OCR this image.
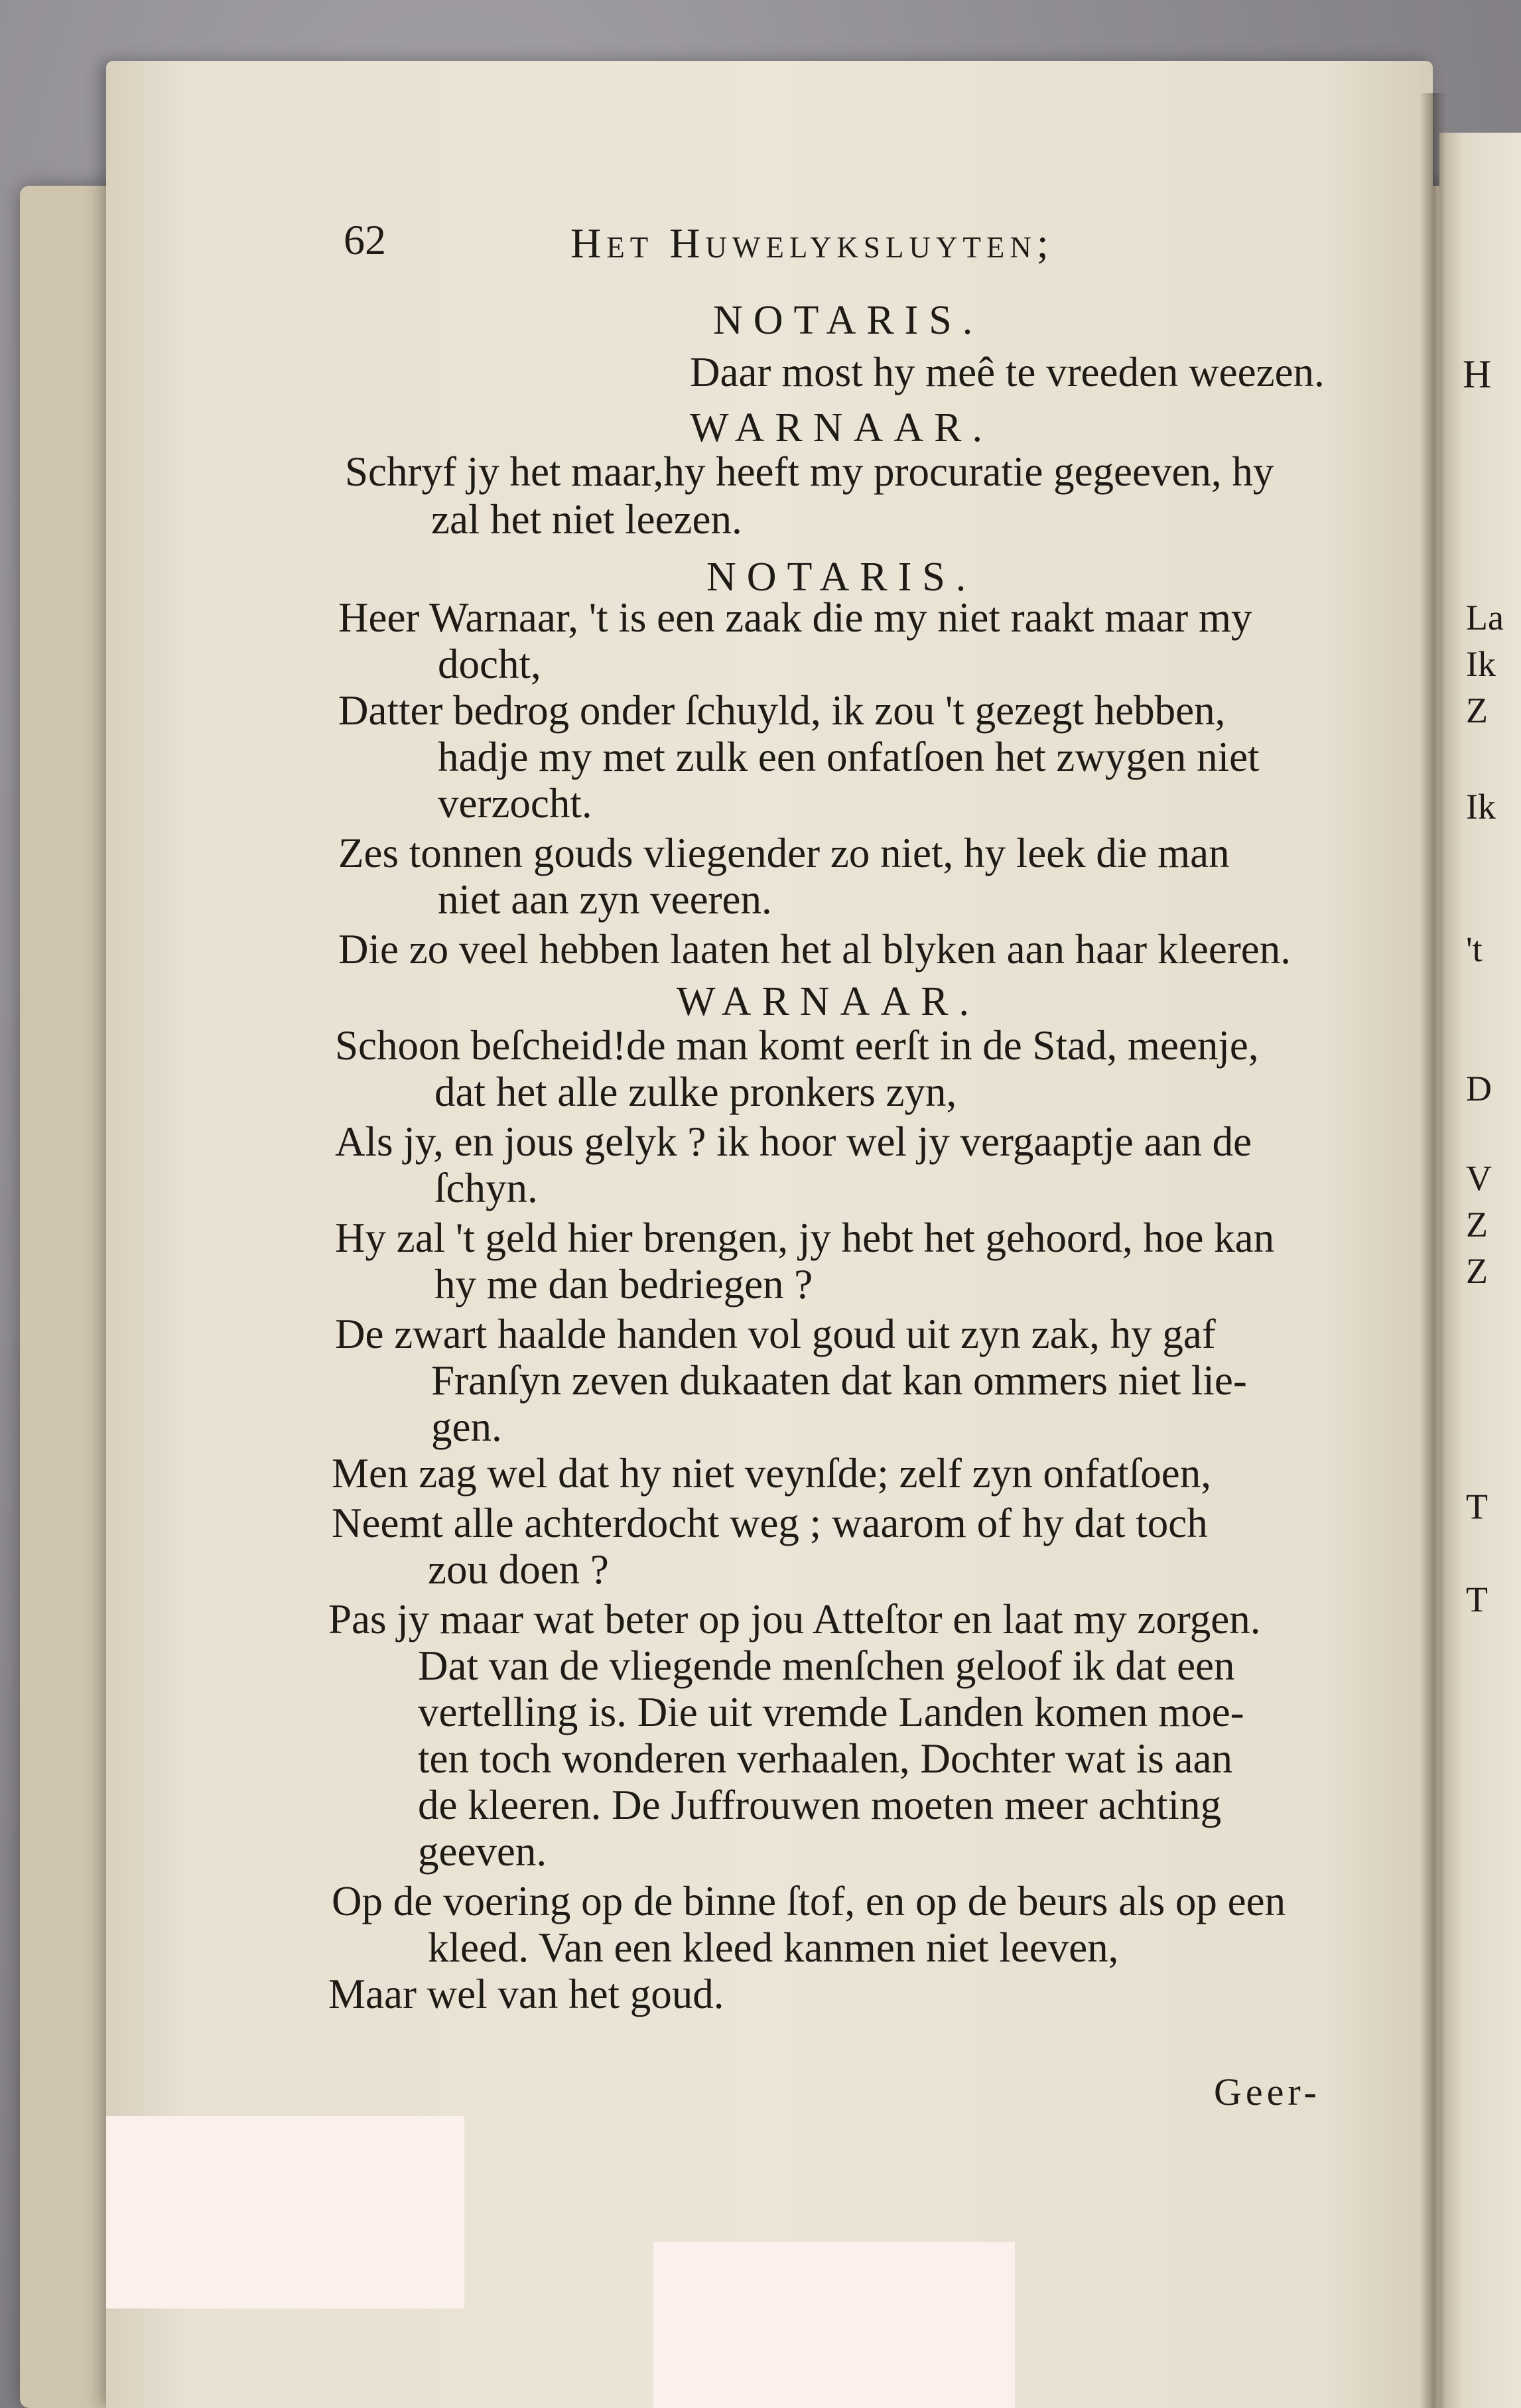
H
La
Ik
Z
Ik
't
D
V
Z
Z
T
T
62	Het Huwelyksluyten;
NOTARIS.
Daar most hy meê te vreeden weezen.
WARNAAR.
Schryf jy het maar,hy heeft my procuratie gegeeven, hy
zal het niet leezen.
NOTARIS.
Heer Warnaar, 't is een zaak die my niet raakt maar my
docht,
Datter bedrog onder ſchuyld, ik zou 't gezegt hebben,
hadje my met zulk een onfatſoen het zwygen niet
verzocht.
Zes tonnen gouds vliegender zo niet, hy leek die man
niet aan zyn veeren.
Die zo veel hebben laaten het al blyken aan haar kleeren.
WARNAAR.
Schoon beſcheid!de man komt eerſt in de Stad, meenje,
dat het alle zulke pronkers zyn,
Als jy, en jous gelyk ? ik hoor wel jy vergaaptje aan de
ſchyn.
Hy zal 't geld hier brengen, jy hebt het gehoord, hoe kan
hy me dan bedriegen ?
De zwart haalde handen vol goud uit zyn zak, hy gaf
Franſyn zeven dukaaten dat kan ommers niet lie-
gen.
Men zag wel dat hy niet veynſde; zelf zyn onfatſoen,
Neemt alle achterdocht weg ; waarom of hy dat toch
zou doen ?
Pas jy maar wat beter op jou Atteſtor en laat my zorgen.
Dat van de vliegende menſchen geloof ik dat een
vertelling is. Die uit vremde Landen komen moe-
ten toch wonderen verhaalen, Dochter wat is aan
de kleeren. De Juffrouwen moeten meer achting
geeven.
Op de voering op de binne ſtof, en op de beurs als op een
kleed. Van een kleed kanmen niet leeven,
Maar wel van het goud.
Geer-
